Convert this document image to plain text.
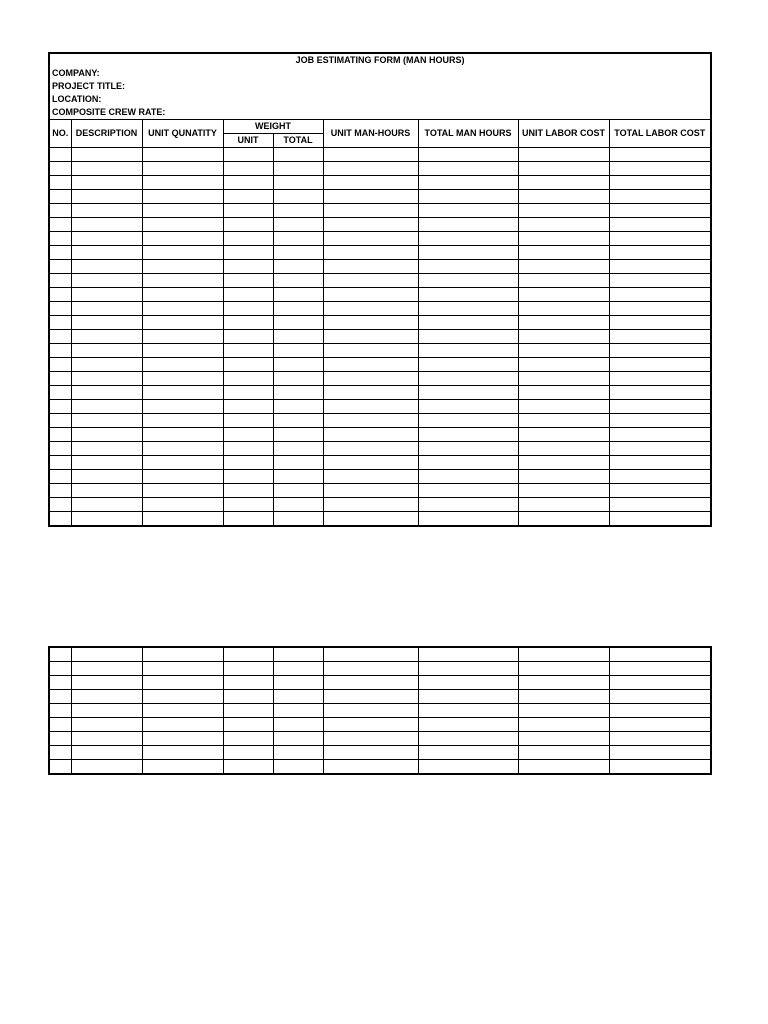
JOB ESTIMATING FORM (MAN HOURS)								
COMPANY:								
PROJECT TITLE:								
LOCATION:								
COMPOSITE CREW RATE:								
NO.	DESCRIPTION	UNIT QUNATITY	WEIGHT		UNIT MAN-HOURS	TOTAL MAN HOURS	UNIT LABOR COST	TOTAL LABOR COST
			UNIT	TOTAL				
